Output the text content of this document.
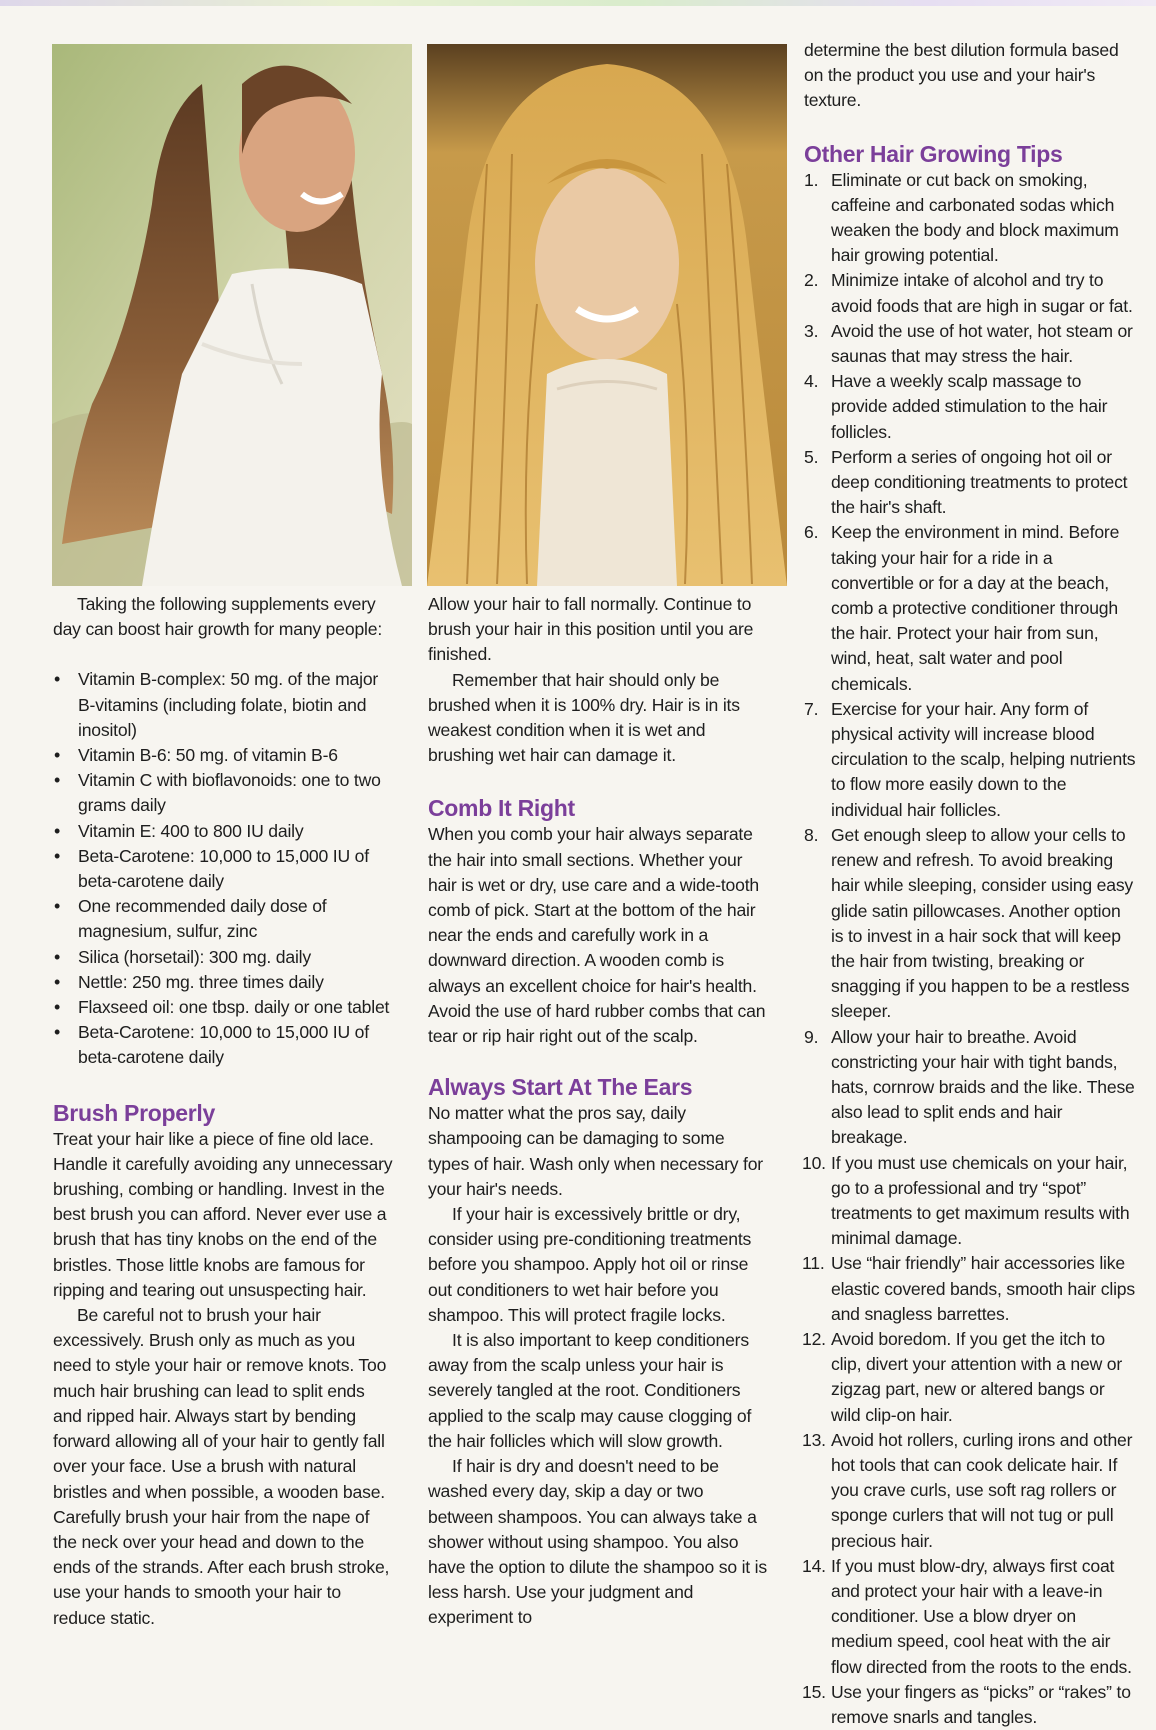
Taking the following supplements every day can boost hair growth for many people:

• Vitamin B-complex: 50 mg. of the major B-vitamins (including folate, biotin and inositol)
• Vitamin B-6: 50 mg. of vitamin B-6
• Vitamin C with bioflavonoids: one to two grams daily
• Vitamin E: 400 to 800 IU daily
• Beta-Carotene: 10,000 to 15,000 IU of beta-carotene daily
• One recommended daily dose of magnesium, sulfur, zinc
• Silica (horsetail): 300 mg. daily
• Nettle: 250 mg. three times daily
• Flaxseed oil: one tbsp. daily or one tablet
• Beta-Carotene: 10,000 to 15,000 IU of beta-carotene daily
Brush Properly

Treat your hair like a piece of fine old lace. Handle it carefully avoiding any unnecessary brushing, combing or handling. Invest in the best brush you can afford. Never ever use a brush that has tiny knobs on the end of the bristles. Those little knobs are famous for ripping and tearing out unsuspecting hair.

Be careful not to brush your hair excessively. Brush only as much as you need to style your hair or remove knots. Too much hair brushing can lead to split ends and ripped hair. Always start by bending forward allowing all of your hair to gently fall over your face. Use a brush with natural bristles and when possible, a wooden base. Carefully brush your hair from the nape of the neck over your head and down to the ends of the strands. After each brush stroke, use your hands to smooth your hair to reduce static.

Allow your hair to fall normally. Continue to brush your hair in this position until you are finished.

Remember that hair should only be brushed when it is 100% dry. Hair is in its weakest condition when it is wet and brushing wet hair can damage it.

Comb It Right

When you comb your hair always separate the hair into small sections. Whether your hair is wet or dry, use care and a wide-tooth comb of pick. Start at the bottom of the hair near the ends and carefully work in a downward direction. A wooden comb is always an excellent choice for hair's health. Avoid the use of hard rubber combs that can tear or rip hair right out of the scalp.

Always Start At The Ears

No matter what the pros say, daily shampooing can be damaging to some types of hair. Wash only when necessary for your hair's needs.

If your hair is excessively brittle or dry, consider using pre-conditioning treatments before you shampoo. Apply hot oil or rinse out conditioners to wet hair before you shampoo. This will protect fragile locks.

It is also important to keep conditioners away from the scalp unless your hair is severely tangled at the root. Conditioners applied to the scalp may cause clogging of the hair follicles which will slow growth.

If hair is dry and doesn't need to be washed every day, skip a day or two between shampoos. You can always take a shower without using shampoo. You also have the option to dilute the shampoo so it is less harsh. Use your judgment and experiment to

determine the best dilution formula based on the product you use and your hair's texture.

Other Hair Growing Tips
1. Eliminate or cut back on smoking, caffeine and carbonated sodas which weaken the body and block maximum hair growing potential.
2. Minimize intake of alcohol and try to avoid foods that are high in sugar or fat.
3. Avoid the use of hot water, hot steam or saunas that may stress the hair.
4. Have a weekly scalp massage to provide added stimulation to the hair follicles.
5. Perform a series of ongoing hot oil or deep conditioning treatments to protect the hair's shaft.
6. Keep the environment in mind. Before taking your hair for a ride in a convertible or for a day at the beach, comb a protective conditioner through the hair. Protect your hair from sun, wind, heat, salt water and pool chemicals.
7. Exercise for your hair. Any form of physical activity will increase blood circulation to the scalp, helping nutrients to flow more easily down to the individual hair follicles.
8. Get enough sleep to allow your cells to renew and refresh. To avoid breaking hair while sleeping, consider using easy glide satin pillowcases. Another option is to invest in a hair sock that will keep the hair from twisting, breaking or snagging if you happen to be a restless sleeper.
9. Allow your hair to breathe. Avoid constricting your hair with tight bands, hats, cornrow braids and the like. These also lead to split ends and hair breakage.
10. If you must use chemicals on your hair, go to a professional and try “spot” treatments to get maximum results with minimal damage.
11. Use “hair friendly” hair accessories like elastic covered bands, smooth hair clips and snagless barrettes.
12. Avoid boredom. If you get the itch to clip, divert your attention with a new or zigzag part, new or altered bangs or wild clip-on hair.
13. Avoid hot rollers, curling irons and other hot tools that can cook delicate hair. If you crave curls, use soft rag rollers or sponge curlers that will not tug or pull precious hair.
14. If you must blow-dry, always first coat and protect your hair with a leave-in conditioner. Use a blow dryer on medium speed, cool heat with the air flow directed from the roots to the ends.
15. Use your fingers as “picks” or “rakes” to remove snarls and tangles.
